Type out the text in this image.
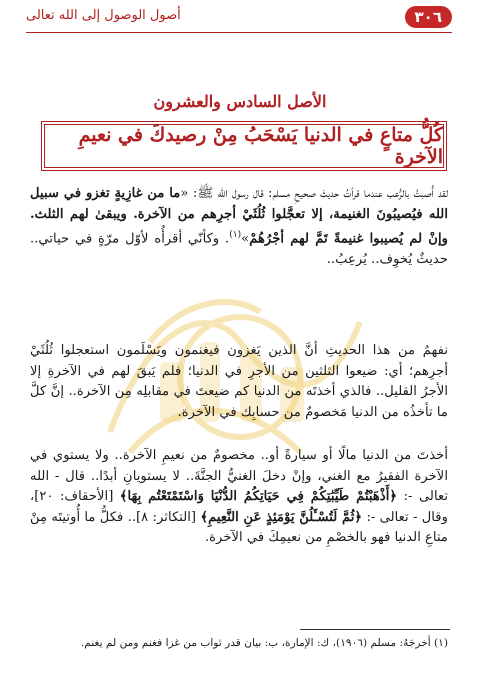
٣٠٦
أصول الوصول إلى الله تعالى
الأصل السادس والعشرون
كُلُّ متاعٍ في الدنيا يَسْحَبُ مِنْ رصيدكَ في نعيمِ الآخرة
لقد أُصبتُ بالرُّعب عندما قرأتُ حديثَ صحيحِ مسلم: قال رسول الله ﷺ: «ما من غازِيةٍ تغزو في سبيل الله فيُصيبُونَ الغنيمة، إلا تعجَّلوا ثُلُثَيْ أجرِهم من الآخرة. ويبقىٰ لهم الثلث. وإنْ لم يُصيبوا غنيمةً تَمَّ لهم أجْرُهُمْ»$^{(١)}$. وكأنّي أقرأُه لأوّل مرّةٍ في حياتي.. حديثٌ يُخوِف.. يُرعِبُ..
نفهمُ من هذا الحديثِ أنَّ الذين يَغزون فيغنمون ويَسْلَمون استعجلوا ثُلُثَيْ أجرِهم؛ أي: ضيعوا الثلثين من الأجرِ في الدنيا؛ فلم يَبقَ لهم في الآخرةِ إلا الأجرُ القليل.. فالذي أخذتَه من الدنيا كم ضيعتَ في مقابلِه مِن الآخرة.. إنَّ كلَّ ما تأخذُه من الدنيا مَخصومٌ من حسابِك في الآخرة.
أخذتَ من الدنيا مالًا أو سيارةً أو.. مخصومٌ من نعيمِ الآخرة.. ولا يستوي في الآخرة الفقيرُ مع الغني، وإنْ دخلَ الغنيُّ الجنَّةَ.. لا يستويانِ أبدًا.. قال - الله تعالى -: ﴿أَذْهَبْتُمْ طَيِّبَٰتِكُمْ فِي حَيَاتِكُمُ الدُّنْيَا وَاسْتَمْتَعْتُم بِهَا﴾ [الأحقاف: ٢٠]، وقال - تعالى -: ﴿ثُمَّ لَتُسْـَٔلُنَّ يَوْمَئِذٍ عَنِ النَّعِيمِ﴾ [التكاثر: ٨].. فكلُّ ما أُوتيتَه مِنْ متاعِ الدنيا فهو بالخصْمِ من نعيمِكَ في الآخرة.
(١) أخرجَهُ: مسلم (١٩٠٦)، ك: الإمارة، ب: بيان قدر ثواب من غزا فغنم ومن لم يغنم.
